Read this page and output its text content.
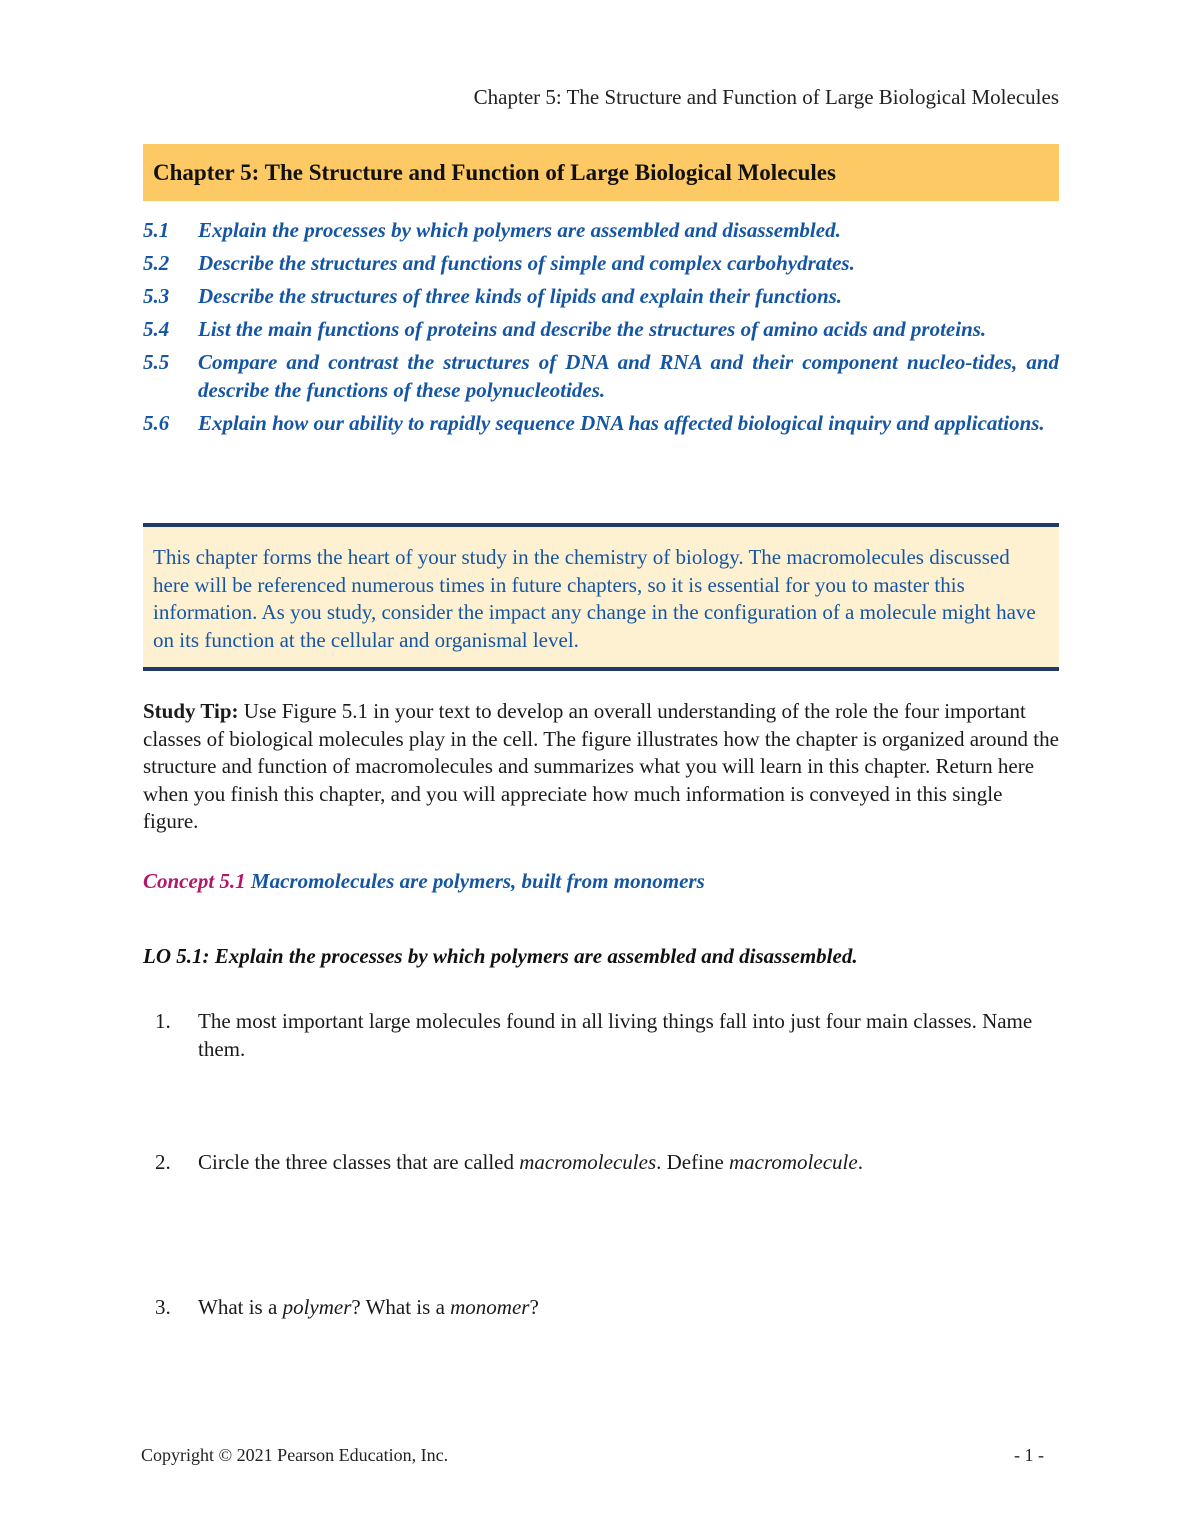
Chapter 5: The Structure and Function of Large Biological Molecules
Chapter 5: The Structure and Function of Large Biological Molecules
5.1	Explain the processes by which polymers are assembled and disassembled.
5.2	Describe the structures and functions of simple and complex carbohydrates.
5.3	Describe the structures of three kinds of lipids and explain their functions.
5.4	List the main functions of proteins and describe the structures of amino acids and proteins.
5.5	Compare and contrast the structures of DNA and RNA and their component nucleo-tides, and describe the functions of these polynucleotides.
5.6	Explain how our ability to rapidly sequence DNA has affected biological inquiry and applications.
This chapter forms the heart of your study in the chemistry of biology. The macromolecules discussed here will be referenced numerous times in future chapters, so it is essential for you to master this information. As you study, consider the impact any change in the configuration of a molecule might have on its function at the cellular and organismal level.
Study Tip: Use Figure 5.1 in your text to develop an overall understanding of the role the four important classes of biological molecules play in the cell. The figure illustrates how the chapter is organized around the structure and function of macromolecules and summarizes what you will learn in this chapter. Return here when you finish this chapter, and you will appreciate how much information is conveyed in this single figure.
Concept 5.1 Macromolecules are polymers, built from monomers
LO 5.1: Explain the processes by which polymers are assembled and disassembled.
1.	The most important large molecules found in all living things fall into just four main classes. Name them.
2.	Circle the three classes that are called macromolecules. Define macromolecule.
3.	What is a polymer? What is a monomer?
Copyright © 2021 Pearson Education, Inc.	- 1 -
